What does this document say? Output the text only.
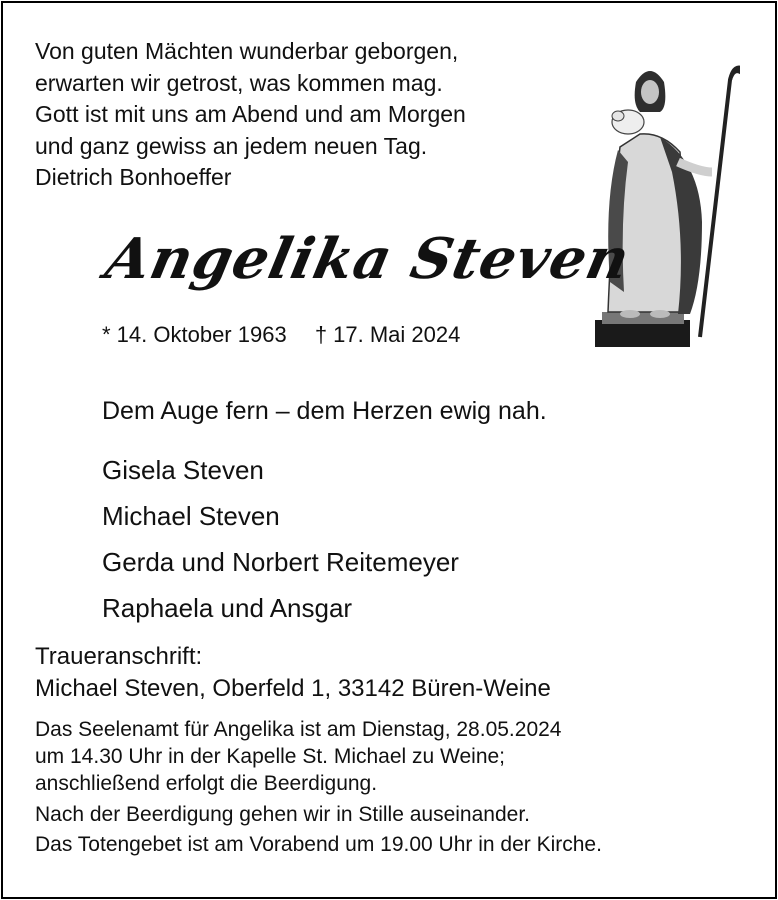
Von guten Mächten wunderbar geborgen,
erwarten wir getrost, was kommen mag.
Gott ist mit uns am Abend und am Morgen
und ganz gewiss an jedem neuen Tag.
Dietrich Bonhoeffer
Angelika Steven
* 14. Oktober 1963 † 17. Mai 2024
Dem Auge fern – dem Herzen ewig nah.
Gisela Steven
Michael Steven
Gerda und Norbert Reitemeyer
Raphaela und Ansgar
Traueranschrift:
Michael Steven, Oberfeld 1, 33142 Büren-Weine
Das Seelenamt für Angelika ist am Dienstag, 28.05.2024
um 14.30 Uhr in der Kapelle St. Michael zu Weine;
anschließend erfolgt die Beerdigung.
Nach der Beerdigung gehen wir in Stille auseinander.
Das Totengebet ist am Vorabend um 19.00 Uhr in der Kirche.
